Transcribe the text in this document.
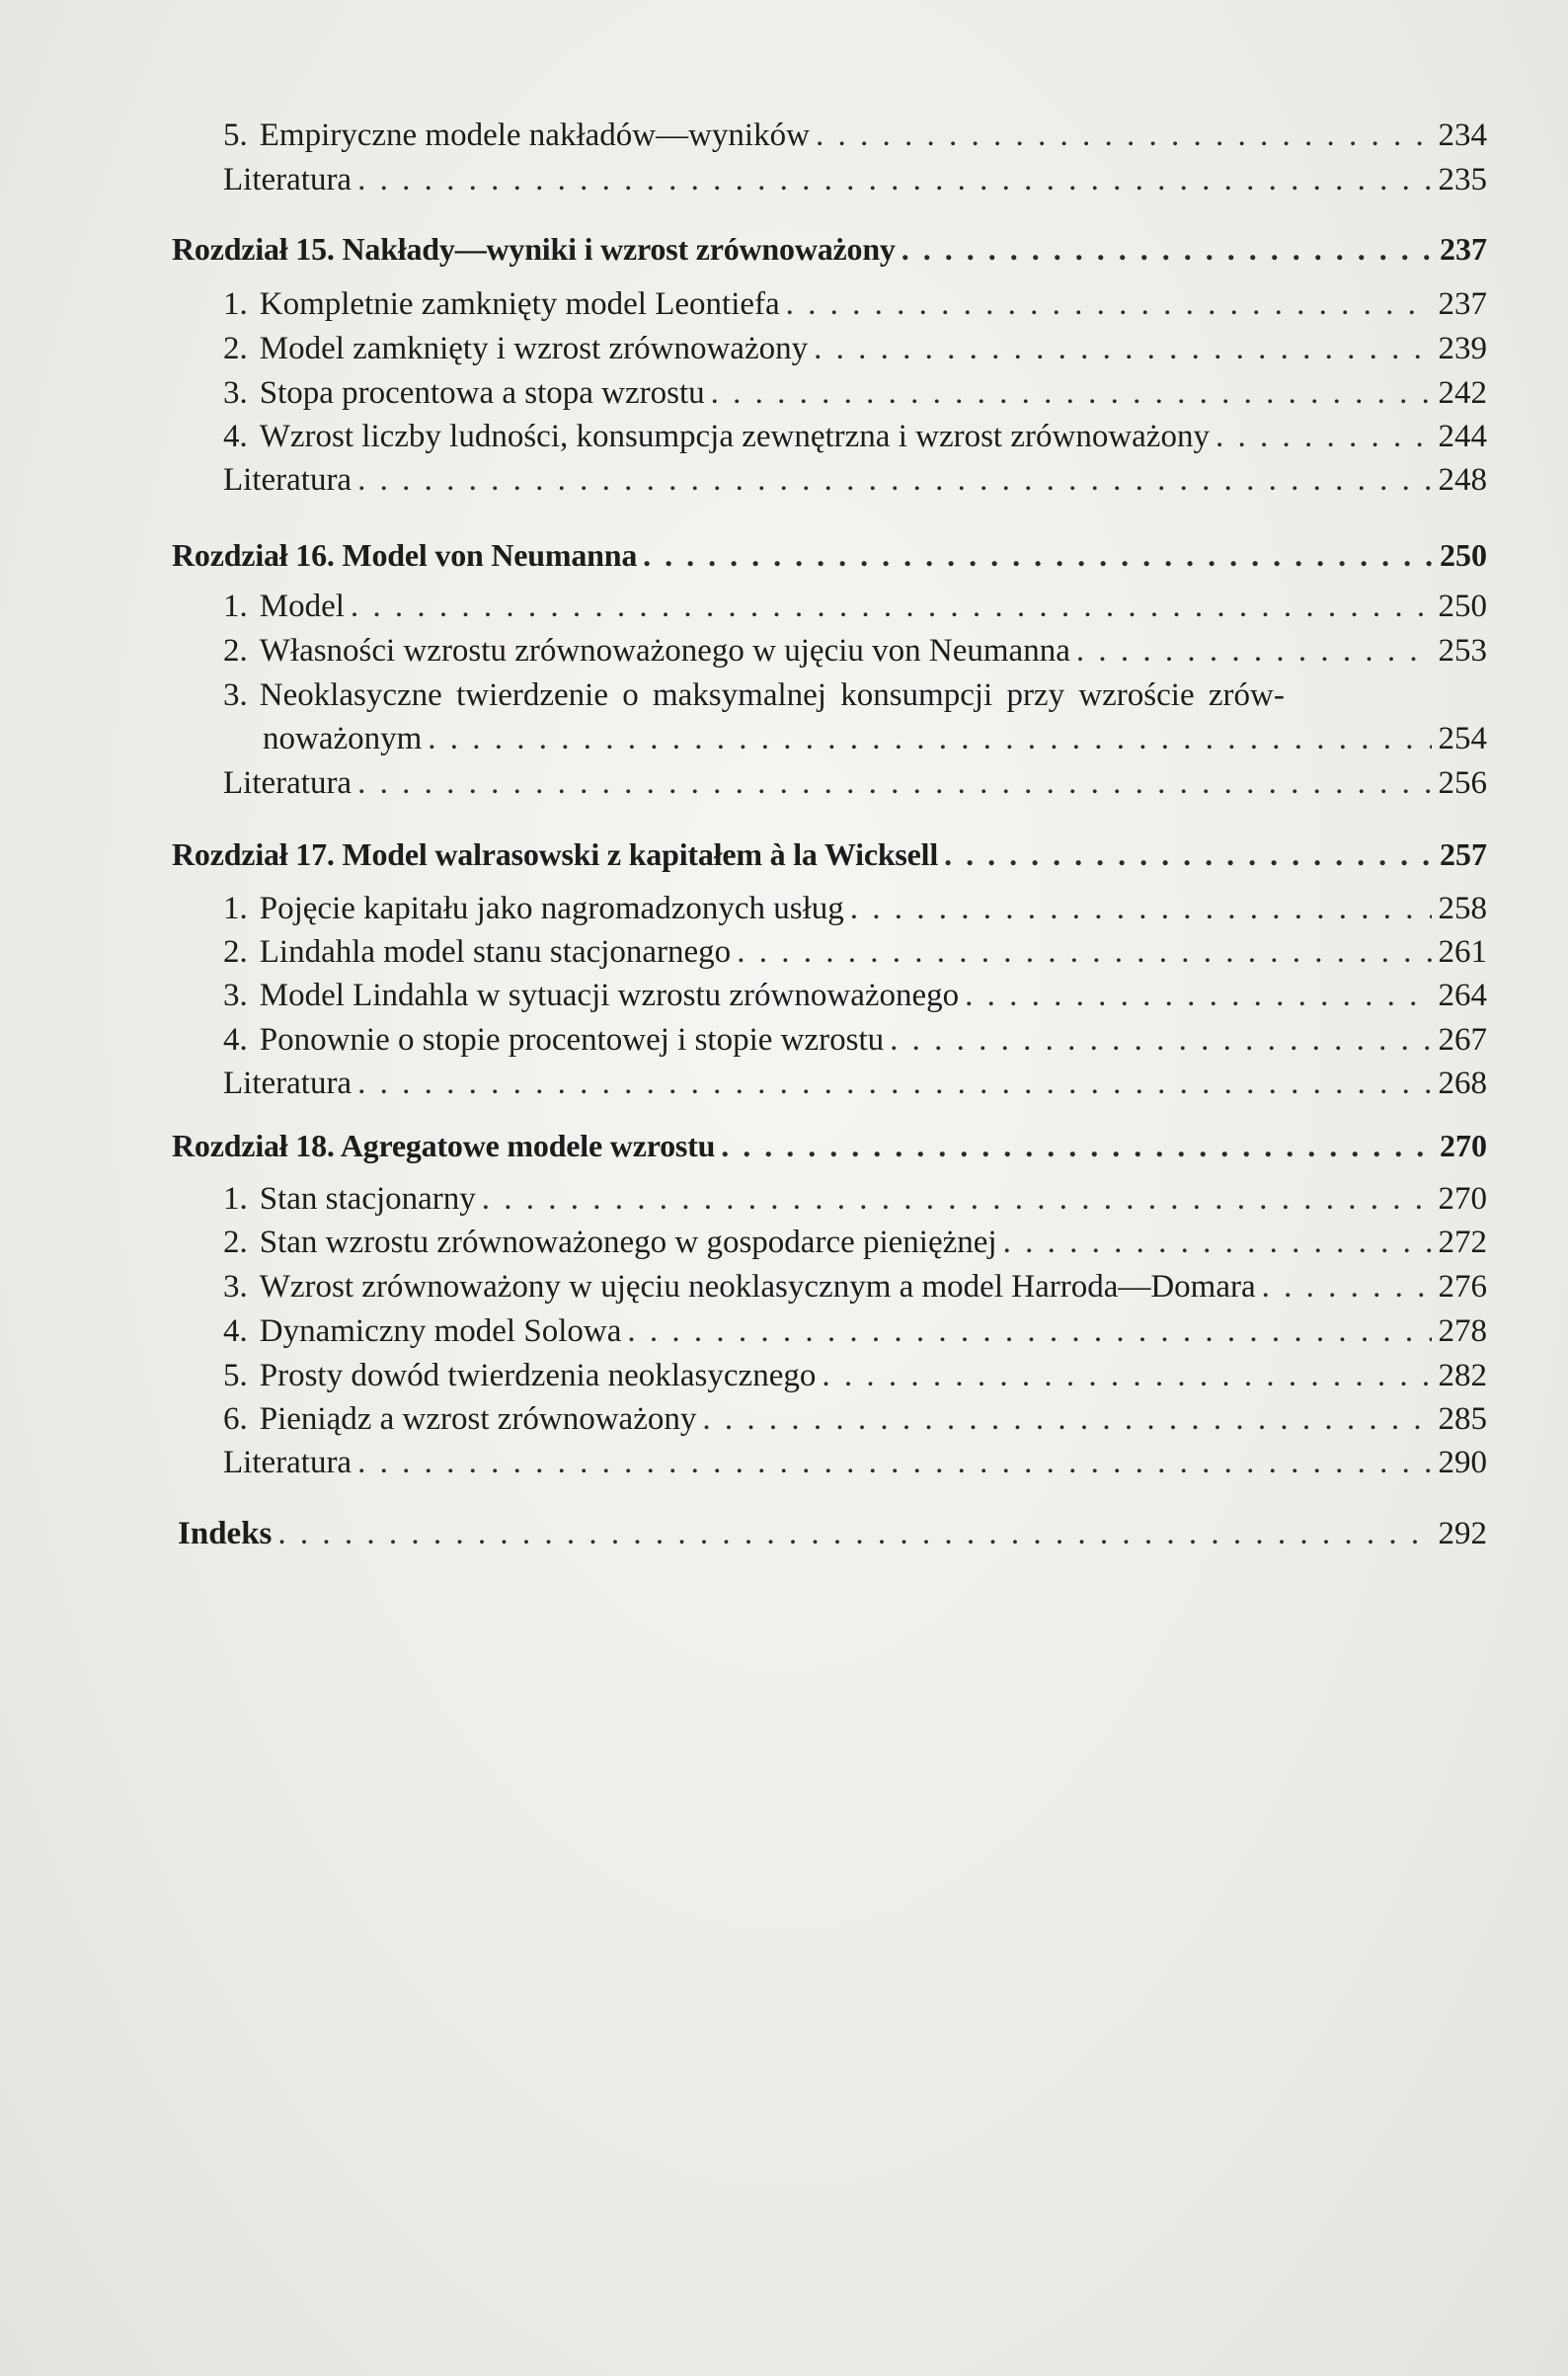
5. Empiryczne modele nakładów—wyników . . .	234
Literatura . . .	235
Rozdział 15. Nakłady—wyniki i wzrost zrównoważony . . .	237
1. Kompletnie zamknięty model Leontiefa . . .	237
2. Model zamknięty i wzrost zrównoważony . . .	239
3. Stopa procentowa a stopa wzrostu . . .	242
4. Wzrost liczby ludności, konsumpcja zewnętrzna i wzrost zrównoważony . . .	244
Literatura . . .	248
Rozdział 16. Model von Neumanna . . .	250
1. Model . . .	250
2. Własności wzrostu zrównoważonego w ujęciu von Neumanna . . .	253
3. Neoklasyczne twierdzenie o maksymalnej konsumpcji przy wzroście zrów-
noważonym . . .	254
Literatura . . .	256
Rozdział 17. Model walrasowski z kapitałem à la Wicksell . . .	257
1. Pojęcie kapitału jako nagromadzonych usług . . .	258
2. Lindahla model stanu stacjonarnego . . .	261
3. Model Lindahla w sytuacji wzrostu zrównoważonego . . .	264
4. Ponownie o stopie procentowej i stopie wzrostu . . .	267
Literatura . . .	268
Rozdział 18. Agregatowe modele wzrostu . . .	270
1. Stan stacjonarny . . .	270
2. Stan wzrostu zrównoważonego w gospodarce pieniężnej . . .	272
3. Wzrost zrównoważony w ujęciu neoklasycznym a model Harroda—Domara . . .	276
4. Dynamiczny model Solowa . . .	278
5. Prosty dowód twierdzenia neoklasycznego . . .	282
6. Pieniądz a wzrost zrównoważony . . .	285
Literatura . . .	290
Indeks . . .	292
